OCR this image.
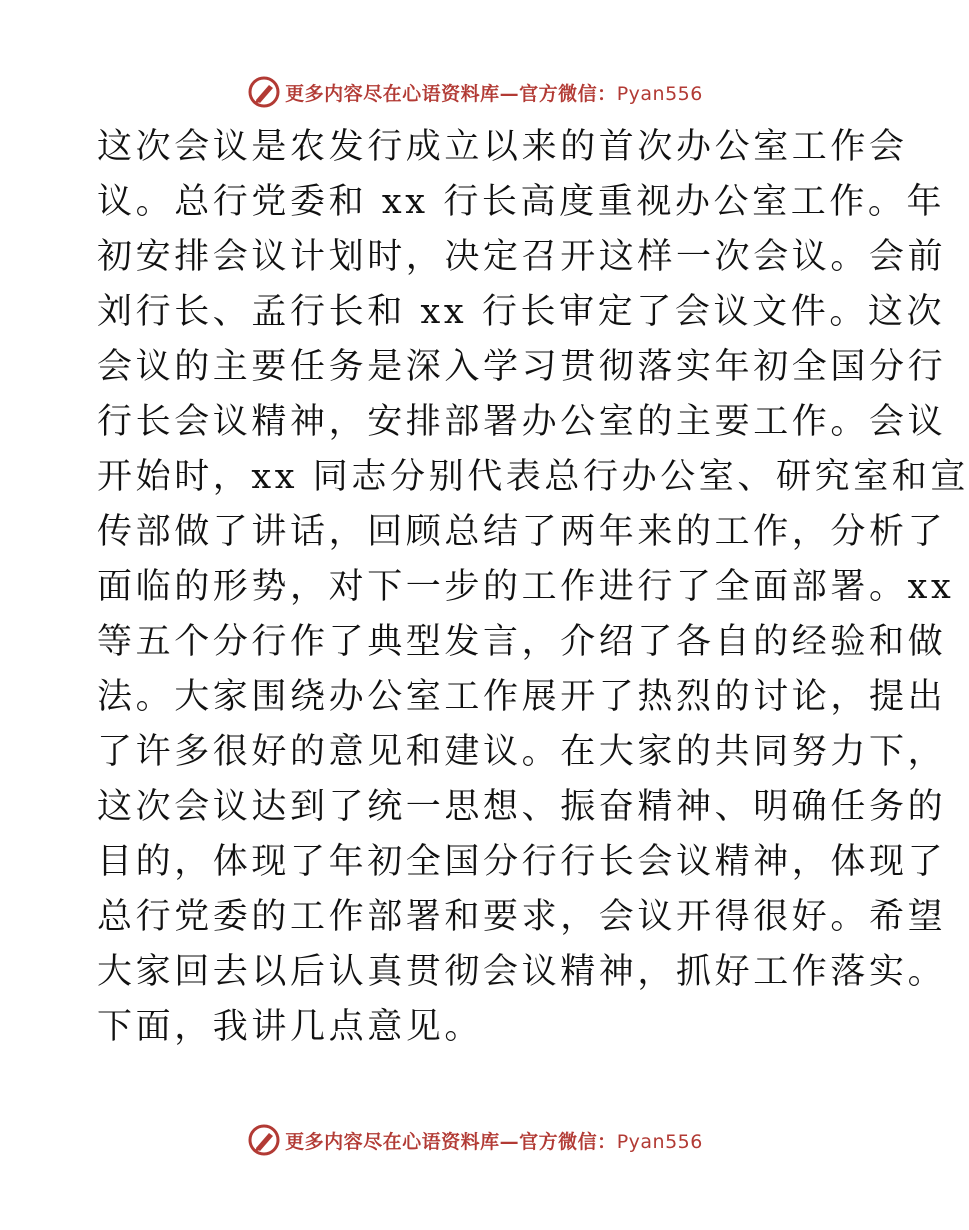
更多内容尽在心语资料库—官方微信：Pyan556
这次会议是农发行成立以来的首次办公室工作会
议。总行党委和 xx 行长高度重视办公室工作。年
初安排会议计划时，决定召开这样一次会议。会前
刘行长、孟行长和 xx 行长审定了会议文件。这次
会议的主要任务是深入学习贯彻落实年初全国分行
行长会议精神，安排部署办公室的主要工作。会议
开始时，xx 同志分别代表总行办公室、研究室和宣
传部做了讲话，回顾总结了两年来的工作，分析了
面临的形势，对下一步的工作进行了全面部署。xx
等五个分行作了典型发言，介绍了各自的经验和做
法。大家围绕办公室工作展开了热烈的讨论，提出
了许多很好的意见和建议。在大家的共同努力下，
这次会议达到了统一思想、振奋精神、明确任务的
目的，体现了年初全国分行行长会议精神，体现了
总行党委的工作部署和要求，会议开得很好。希望
大家回去以后认真贯彻会议精神，抓好工作落实。
下面，我讲几点意见。
更多内容尽在心语资料库—官方微信：Pyan556
